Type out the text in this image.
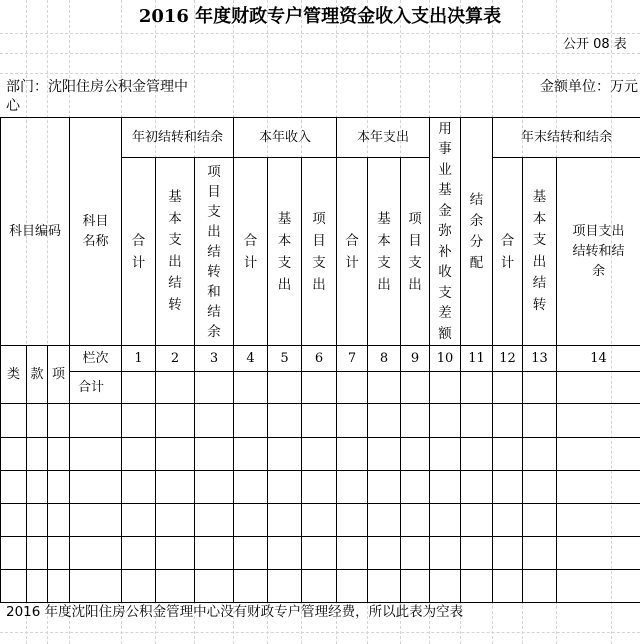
2016 年度财政专户管理资金收入支出决算表
公开 08 表
部门：沈阳住房公积金管理中心
金额单位：万元
科目编码			科目名称	年初结转和结余			本年收入			本年支出			用事业基金弥补收支差额	结余分配	年末结转和结余		
				合计	基本支出结转	项目支出结转和结余	合计	基本支出	项目支出	合计	基本支出	项目 支出			合计	基本支出结转	项目支出结转和结余
类	款	项	栏次	1	2	3	4	5	6	7	8	9	10	11	12	13	14
			合计														

2016 年度沈阳住房公积金管理中心没有财政专户管理经费，所以此表为空表
